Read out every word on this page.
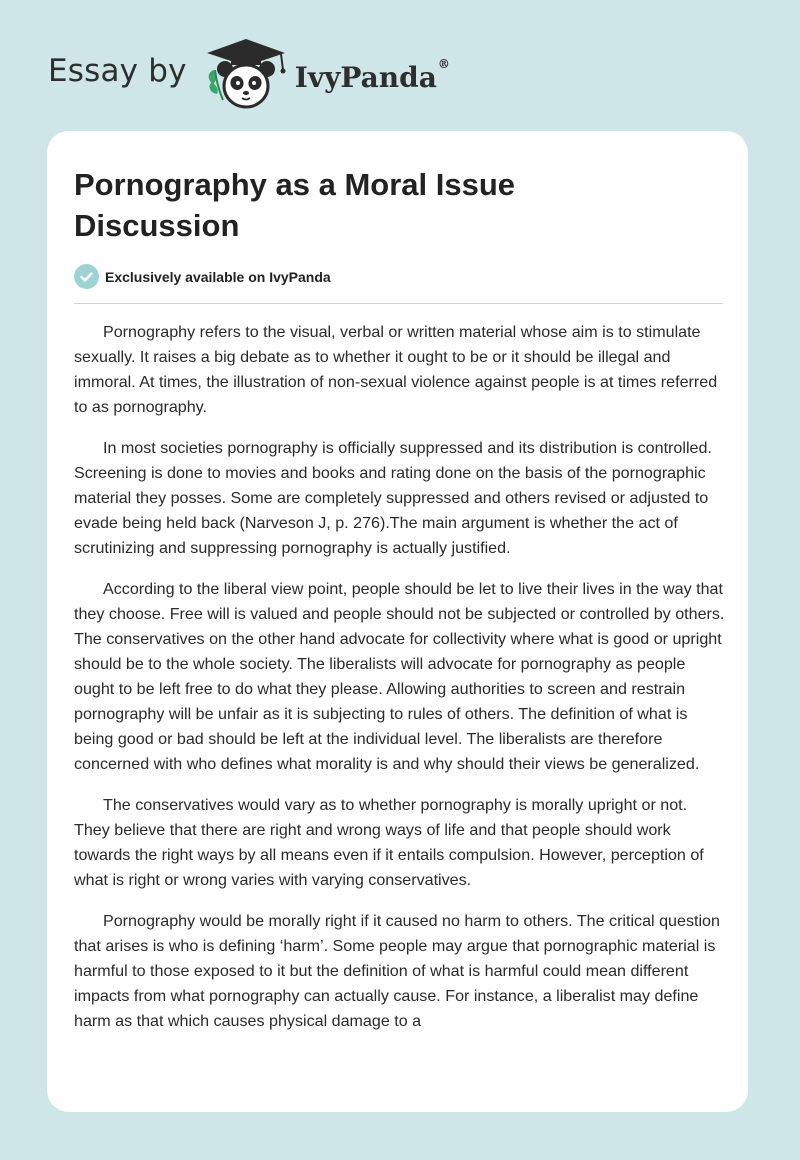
Essay by	IvyPanda®
Pornography as a Moral Issue Discussion
Exclusively available on IvyPanda

Pornography refers to the visual, verbal or written material whose aim is to stimulate sexually. It raises a big debate as to whether it ought to be or it should be illegal and immoral. At times, the illustration of non-sexual violence against people is at times referred to as pornography.

In most societies pornography is officially suppressed and its distribution is controlled. Screening is done to movies and books and rating done on the basis of the pornographic material they posses. Some are completely suppressed and others revised or adjusted to evade being held back (Narveson J, p. 276).The main argument is whether the act of scrutinizing and suppressing pornography is actually justified.

According to the liberal view point, people should be let to live their lives in the way that they choose. Free will is valued and people should not be subjected or controlled by others. The conservatives on the other hand advocate for collectivity where what is good or upright should be to the whole society. The liberalists will advocate for pornography as people ought to be left free to do what they please. Allowing authorities to screen and restrain pornography will be unfair as it is subjecting to rules of others. The definition of what is being good or bad should be left at the individual level. The liberalists are therefore concerned with who defines what morality is and why should their views be generalized.

The conservatives would vary as to whether pornography is morally upright or not. They believe that there are right and wrong ways of life and that people should work towards the right ways by all means even if it entails compulsion. However, perception of what is right or wrong varies with varying conservatives.

Pornography would be morally right if it caused no harm to others. The critical question that arises is who is defining ‘harm’. Some people may argue that pornographic material is harmful to those exposed to it but the definition of what is harmful could mean different impacts from what pornography can actually cause. For instance, a liberalist may define harm as that which causes physical damage to a
